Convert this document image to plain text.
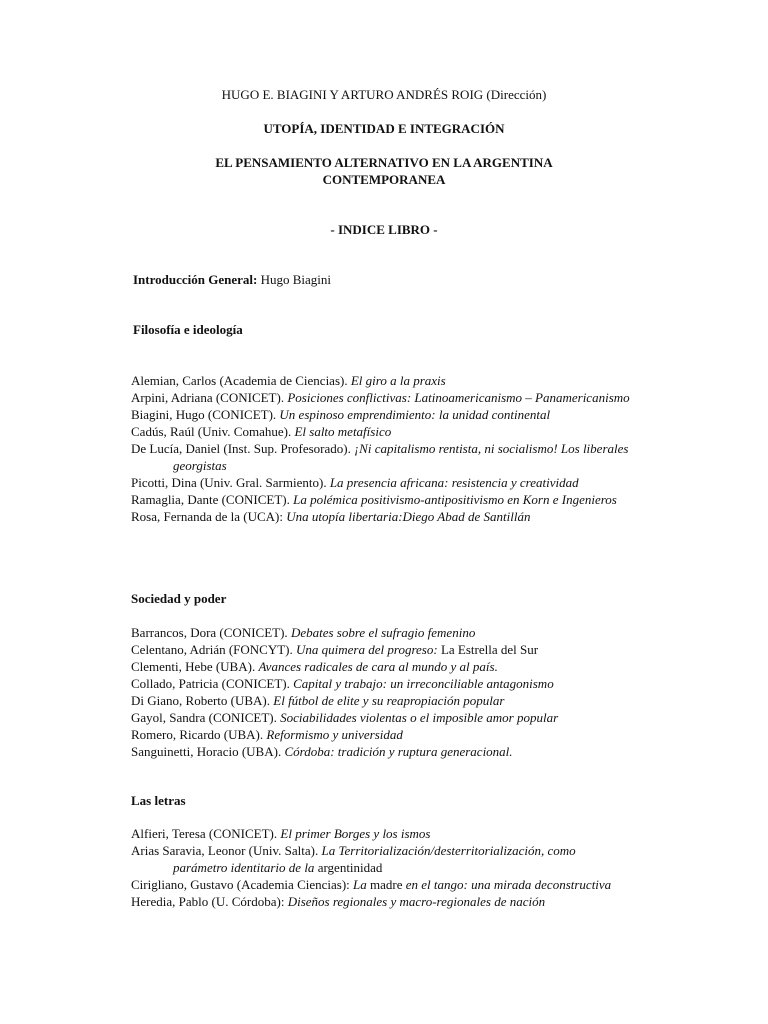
HUGO E. BIAGINI Y ARTURO ANDRÉS ROIG (Dirección)
UTOPÍA, IDENTIDAD E INTEGRACIÓN
EL PENSAMIENTO ALTERNATIVO EN LA ARGENTINA
CONTEMPORANEA
- INDICE LIBRO -
Introducción General: Hugo Biagini
Filosofía e ideología
Alemian, Carlos (Academia de Ciencias). El giro a la praxis
Arpini, Adriana (CONICET). Posiciones conflictivas: Latinoamericanismo – Panamericanismo
Biagini, Hugo (CONICET). Un espinoso emprendimiento: la unidad continental
Cadús, Raúl (Univ. Comahue). El salto metafísico
De Lucía, Daniel (Inst. Sup. Profesorado). ¡Ni capitalismo rentista, ni socialismo! Los liberales georgistas
Picotti, Dina (Univ. Gral. Sarmiento). La presencia africana: resistencia y creatividad
Ramaglia, Dante (CONICET). La polémica positivismo-antipositivismo en Korn e Ingenieros
Rosa, Fernanda de la (UCA): Una utopía libertaria:Diego Abad de Santillán
Sociedad y poder
Barrancos, Dora (CONICET). Debates sobre el sufragio femenino
Celentano, Adrián (FONCYT). Una quimera del progreso: La Estrella del Sur
Clementi, Hebe (UBA). Avances radicales de cara al mundo y al país.
Collado, Patricia (CONICET). Capital y trabajo: un irreconciliable antagonismo
Di Giano, Roberto (UBA). El fútbol de elite y su reapropiación popular
Gayol, Sandra (CONICET). Sociabilidades violentas o el imposible amor popular
Romero, Ricardo (UBA). Reformismo y universidad
Sanguinetti, Horacio (UBA). Córdoba: tradición y ruptura generacional.
Las letras
Alfieri, Teresa (CONICET). El primer Borges y los ismos
Arias Saravia, Leonor (Univ. Salta). La Territorialización/desterritorialización, como parámetro identitario de la argentinidad
Cirigliano, Gustavo (Academia Ciencias): La madre en el tango: una mirada deconstructiva
Heredia, Pablo (U. Córdoba): Diseños regionales y macro-regionales de nación
